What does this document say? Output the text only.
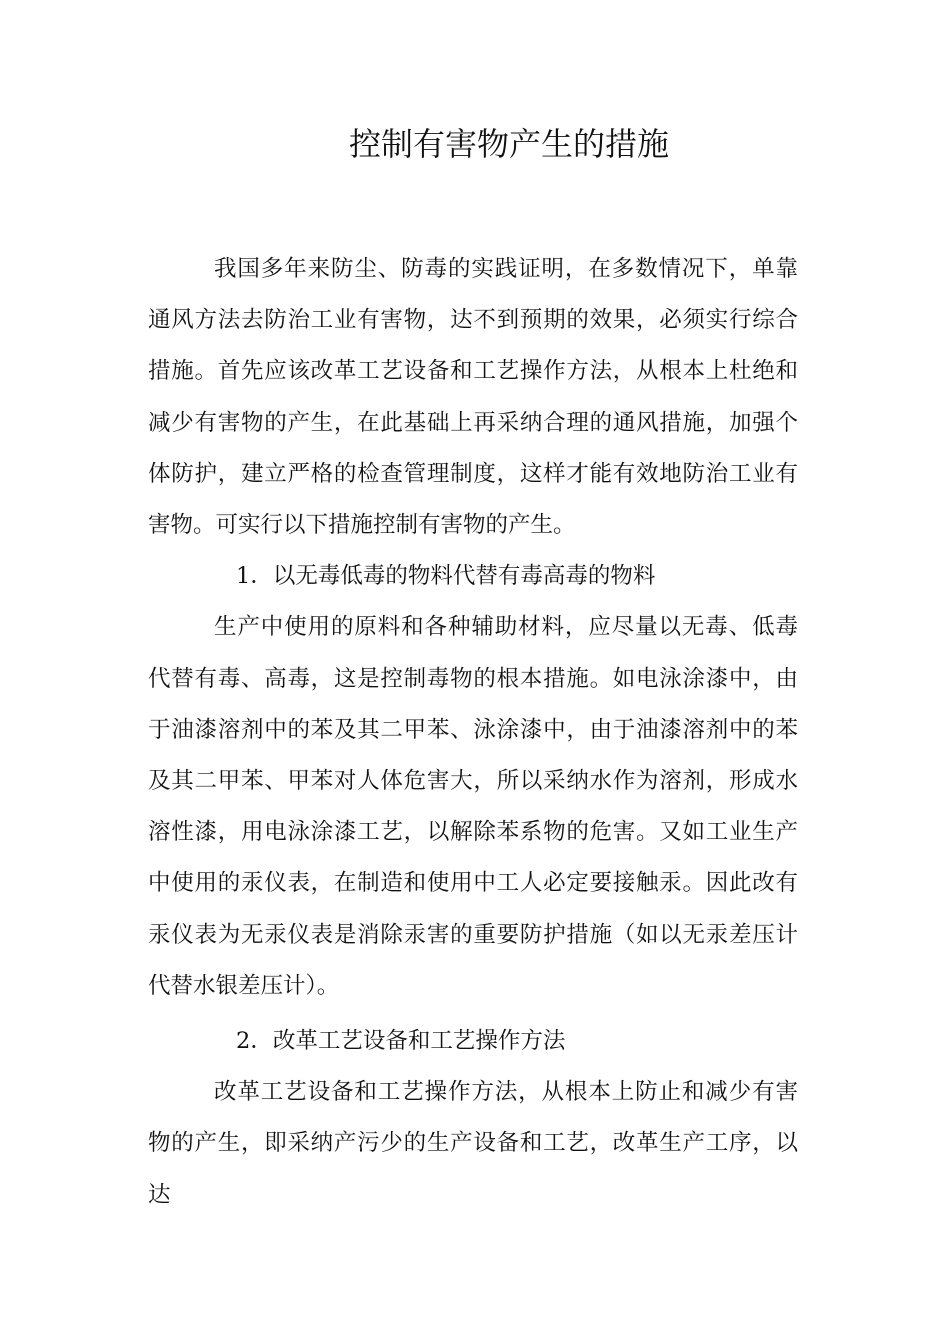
控制有害物产生的措施

我国多年来防尘、防毒的实践证明，在多数情况下，单靠通风方法去防治工业有害物，达不到预期的效果，必须实行综合措施。首先应该改革工艺设备和工艺操作方法，从根本上杜绝和减少有害物的产生，在此基础上再采纳合理的通风措施，加强个体防护，建立严格的检查管理制度，这样才能有效地防治工业有害物。可实行以下措施控制有害物的产生。

1．以无毒低毒的物料代替有毒高毒的物料

生产中使用的原料和各种辅助材料，应尽量以无毒、低毒代替有毒、高毒，这是控制毒物的根本措施。如电泳涂漆中，由于油漆溶剂中的苯及其二甲苯、泳涂漆中，由于油漆溶剂中的苯及其二甲苯、甲苯对人体危害大，所以采纳水作为溶剂，形成水溶性漆，用电泳涂漆工艺，以解除苯系物的危害。又如工业生产中使用的汞仪表，在制造和使用中工人必定要接触汞。因此改有汞仪表为无汞仪表是消除汞害的重要防护措施（如以无汞差压计代替水银差压计）。

2．改革工艺设备和工艺操作方法

改革工艺设备和工艺操作方法，从根本上防止和减少有害物的产生，即采纳产污少的生产设备和工艺，改革生产工序，以达
